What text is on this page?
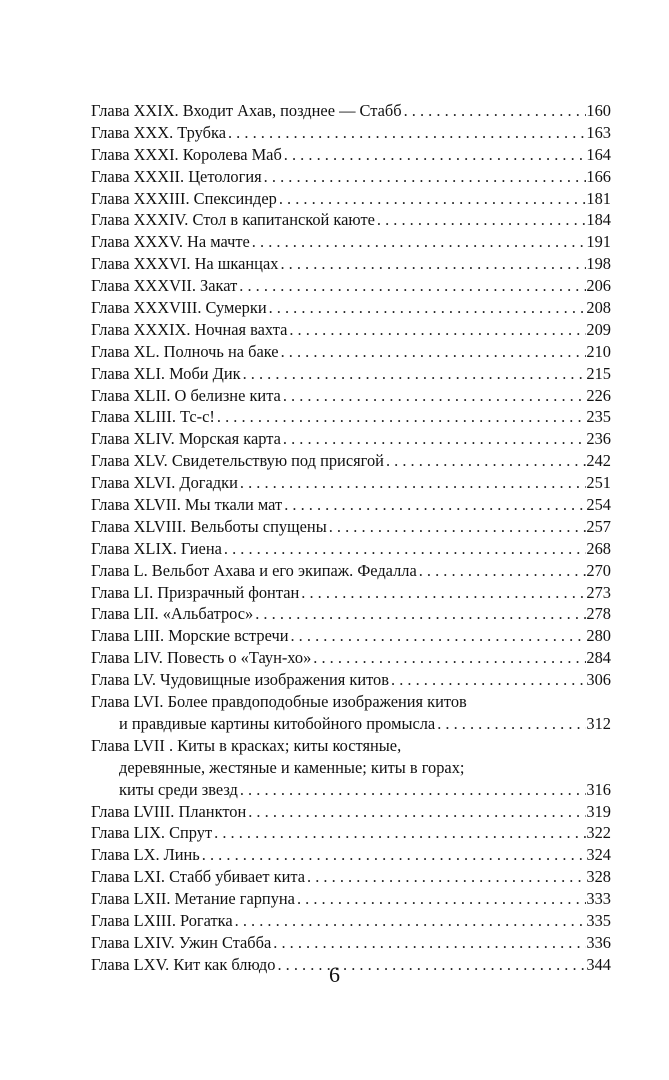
Глава XXIX. Входит Ахав, позднее — Стабб . . .	160
Глава XXX. Трубка . . .	163
Глава XXXI. Королева Маб . . .	164
Глава XXXII. Цетология . . .	166
Глава XXXIII. Спексиндер . . .	181
Глава XXXIV. Стол в капитанской каюте . . .	184
Глава XXXV. На мачте . . .	191
Глава XXXVI. На шканцах . . .	198
Глава XXXVII. Закат . . .	206
Глава XXXVIII. Сумерки . . .	208
Глава XXXIX. Ночная вахта . . .	209
Глава XL. Полночь на баке . . .	210
Глава XLI. Моби Дик . . .	215
Глава XLII. О белизне кита . . .	226
Глава XLIII. Тс-с! . . .	235
Глава XLIV. Морская карта . . .	236
Глава XLV. Свидетельствую под присягой . . .	242
Глава XLVI. Догадки . . .	251
Глава XLVII. Мы ткали мат . . .	254
Глава XLVIII. Вельботы спущены . . .	257
Глава XLIX. Гиена . . .	268
Глава L. Вельбот Ахава и его экипаж. Федалла . . .	270
Глава LI. Призрачный фонтан . . .	273
Глава LII. «Альбатрос» . . .	278
Глава LIII. Морские встречи . . .	280
Глава LIV. Повесть о «Таун-хо» . . .	284
Глава LV. Чудовищные изображения китов . . .	306
Глава LVI. Более правдоподобные изображения китов
и правдивые картины китобойного промысла . . .	312
Глава LVII . Киты в красках; киты костяные,
деревянные, жестяные и каменные; киты в горах;
киты среди звезд . . .	316
Глава LVIII. Планктон . . .	319
Глава LIX. Спрут . . .	322
Глава LX. Линь . . .	324
Глава LXI. Стабб убивает кита . . .	328
Глава LXII. Метание гарпуна . . .	333
Глава LXIII. Рогатка . . .	335
Глава LXIV. Ужин Стабба . . .	336
Глава LXV. Кит как блюдо . . .	344
6
